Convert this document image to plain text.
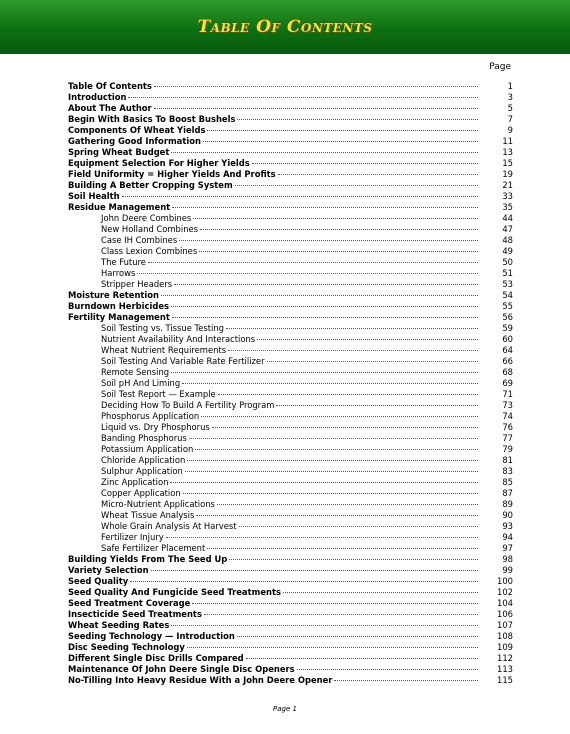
Table Of Contents
Page
Table Of Contents	1
Introduction	3
About The Author	5
Begin With Basics To Boost Bushels	7
Components Of Wheat Yields	9
Gathering Good Information	11
Spring Wheat Budget	13
Equipment Selection For Higher Yields	15
Field Uniformity = Higher Yields And Profits	19
Building A Better Cropping System	21
Soil Health	33
Residue Management	35
John Deere Combines	44
New Holland Combines	47
Case IH Combines	48
Class Lexion Combines	49
The Future	50
Harrows	51
Stripper Headers	53
Moisture Retention	54
Burndown Herbicides	55
Fertility Management	56
Soil Testing vs. Tissue Testing	59
Nutrient Availability And Interactions	60
Wheat Nutrient Requirements	64
Soil Testing And Variable Rate Fertilizer	66
Remote Sensing	68
Soil pH And Liming	69
Soil Test Report — Example	71
Deciding How To Build A Fertility Program	73
Phosphorus Application	74
Liquid vs. Dry Phosphorus	76
Banding Phosphorus	77
Potassium Application	79
Chloride Application	81
Sulphur Application	83
Zinc Application	85
Copper Application	87
Micro-Nutrient Applications	89
Wheat Tissue Analysis	90
Whole Grain Analysis At Harvest	93
Fertilizer Injury	94
Safe Fertilizer Placement	97
Building Yields From The Seed Up	98
Variety Selection	99
Seed Quality	100
Seed Quality And Fungicide Seed Treatments	102
Seed Treatment Coverage	104
Insecticide Seed Treatments	106
Wheat Seeding Rates	107
Seeding Technology — Introduction	108
Disc Seeding Technology	109
Different Single Disc Drills Compared	112
Maintenance Of John Deere Single Disc Openers	113
No-Tilling Into Heavy Residue With a John Deere Opener	115
Page 1
